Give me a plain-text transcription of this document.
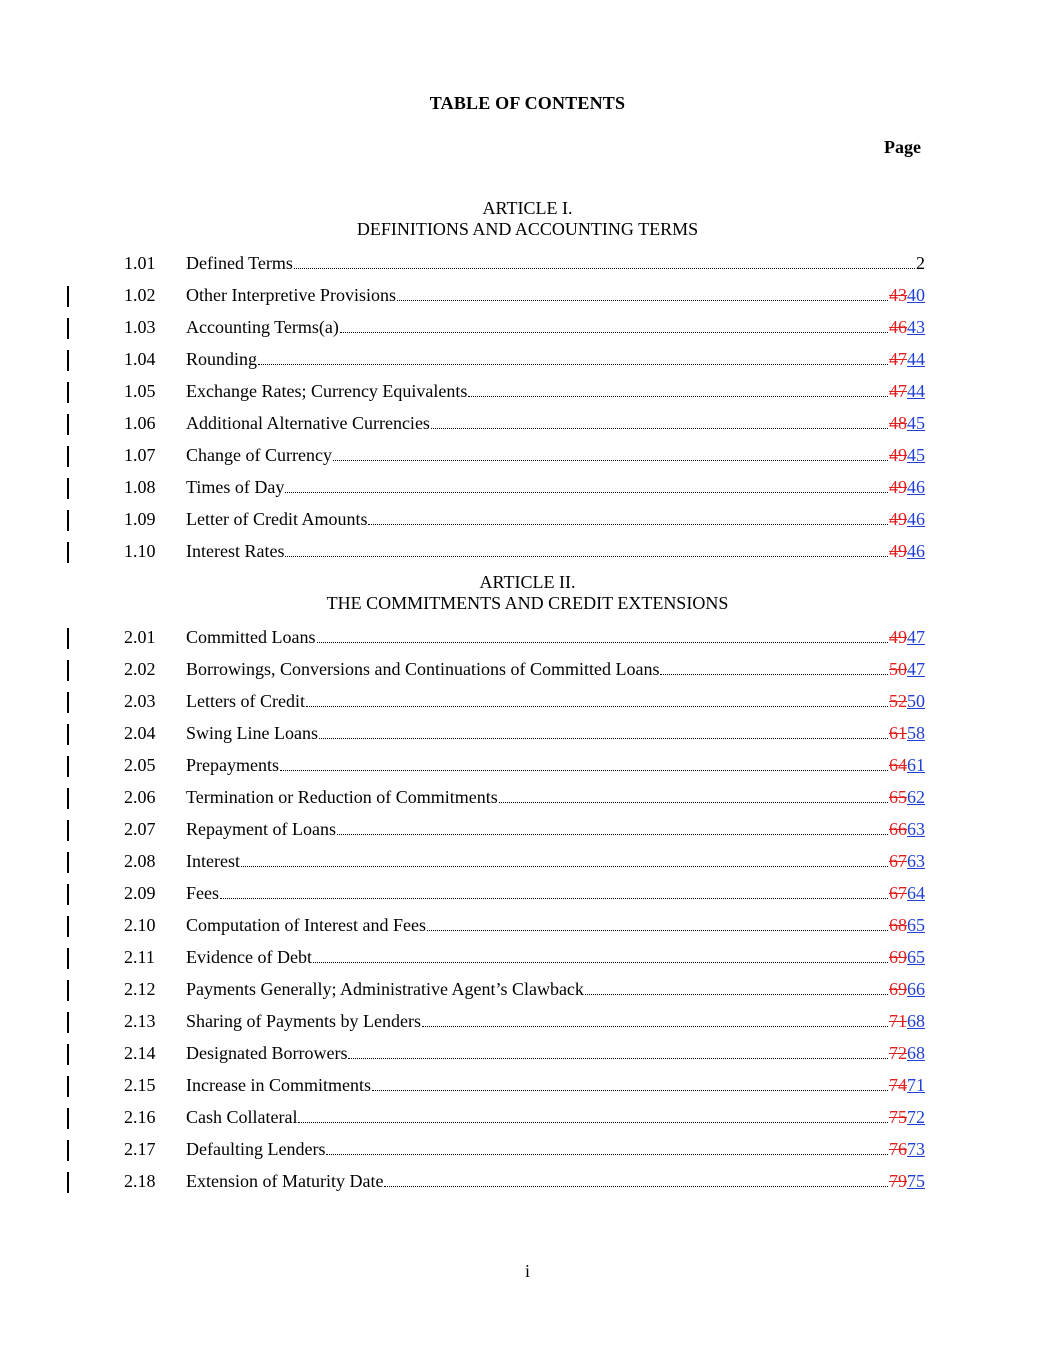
TABLE OF CONTENTS
Page
ARTICLE I.
DEFINITIONS AND ACCOUNTING TERMS
1.01	Defined Terms	2
1.02	Other Interpretive Provisions	4340
1.03	Accounting Terms(a)	4643
1.04	Rounding	4744
1.05	Exchange Rates; Currency Equivalents	4744
1.06	Additional Alternative Currencies	4845
1.07	Change of Currency	4945
1.08	Times of Day	4946
1.09	Letter of Credit Amounts	4946
1.10	Interest Rates	4946
ARTICLE II.
THE COMMITMENTS AND CREDIT EXTENSIONS
2.01	Committed Loans	4947
2.02	Borrowings, Conversions and Continuations of Committed Loans	5047
2.03	Letters of Credit	5250
2.04	Swing Line Loans	6158
2.05	Prepayments	6461
2.06	Termination or Reduction of Commitments	6562
2.07	Repayment of Loans	6663
2.08	Interest	6763
2.09	Fees	6764
2.10	Computation of Interest and Fees	6865
2.11	Evidence of Debt	6965
2.12	Payments Generally; Administrative Agent’s Clawback	6966
2.13	Sharing of Payments by Lenders	7168
2.14	Designated Borrowers	7268
2.15	Increase in Commitments	7471
2.16	Cash Collateral	7572
2.17	Defaulting Lenders	7673
2.18	Extension of Maturity Date	7975
i
